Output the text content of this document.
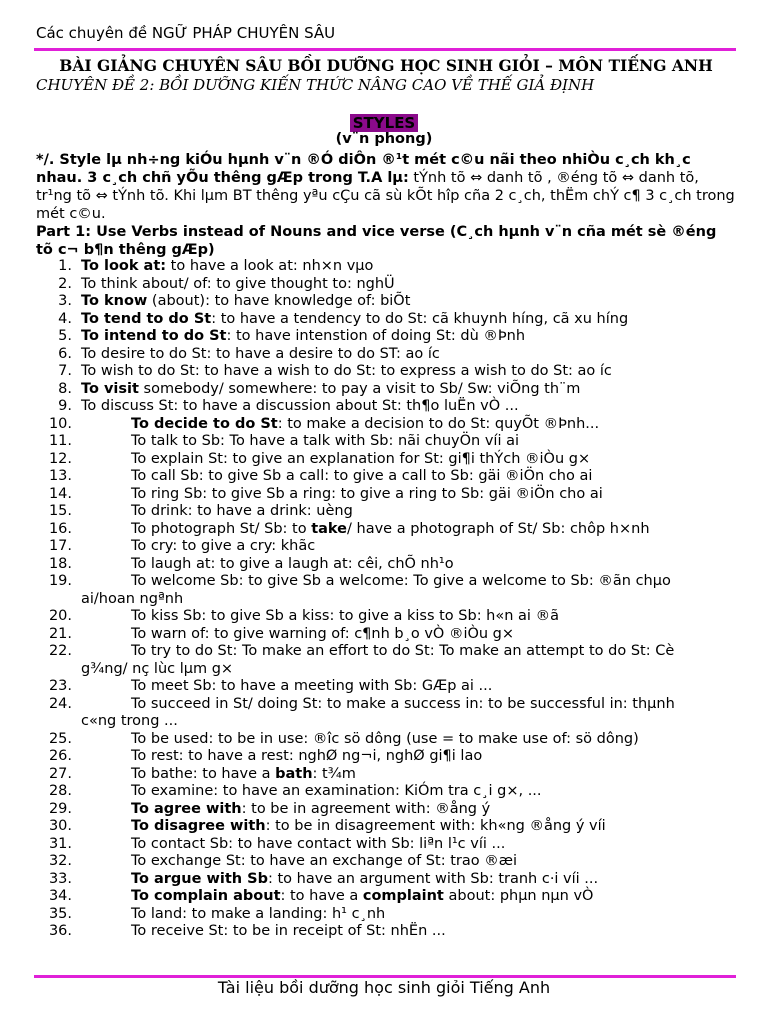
Các chuyên đề NGỮ PHÁP CHUYÊN SÂU
BÀI GIẢNG CHUYÊN SÂU BỒI DƯỠNG HỌC SINH GIỎI – MÔN TIẾNG ANH
CHUYÊN ĐỀ 2: BỒI DƯỠNG KIẾN THỨC NÂNG CAO VỀ THẾ GIẢ ĐỊNH
STYLES
(v¨n phong)
*/. Style lµ nh÷ng kiÓu hµnh v¨n ®Ó diÔn ®¹t mét c©u nãi theo nhiÒu c¸ch kh¸c nhau. 3 c¸ch chñ yÕu thêng gÆp trong T.A lµ: tÝnh tõ ⇔ danh tõ , ®éng tõ ⇔ danh tõ, tr¹ng tõ ⇔ tÝnh tõ. Khi lµm BT thêng yªu cÇu cã sù kÕt hîp cña 2 c¸ch, thËm chÝ c¶ 3 c¸ch trong mét c©u.
Part 1: Use Verbs instead of Nouns and vice verse (C¸ch hµnh v¨n cña mét sè ®éng tõ c¬ b¶n thêng gÆp)
1. To look at: to have a look at: nh×n vµo
2. To think about/ of: to give thought to: nghÜ
3. To know (about): to have knowledge of: biÕt
4. To tend to do St: to have a tendency to do St: cã khuynh híng, cã xu híng
5. To intend to do St: to have intenstion of doing St: dù ®Þnh
6. To desire to do St: to have a desire to do ST: ao íc
7. To wish to do St: to have a wish to do St: to express a wish to do St: ao íc
8. To visit somebody/ somewhere: to pay a visit to Sb/ Sw: viÕng th¨m
9. To discuss St: to have a discussion about St: th¶o luËn vÒ ...
10.	To decide to do St: to make a decision to do St: quyÕt ®Þnh...
11.	To talk to Sb: To have a talk with Sb: nãi chuyÖn víi ai
12.	To explain St: to give an explanation for St: gi¶i thÝch ®iÒu g×
13.	To call Sb: to give Sb a call: to give a call to Sb: gäi ®iÖn cho ai
14.	To ring Sb: to give Sb a ring: to give a ring to Sb: gäi ®iÖn cho ai
15.	To drink: to have a drink: uèng
16.	To photograph St/ Sb: to take/ have a photograph of St/ Sb: chôp h×nh
17.	To cry: to give a cry: khãc
18.	To laugh at: to give a laugh at: cêi, chÕ nh¹o
19.	To welcome Sb: to give Sb a welcome: To give a welcome to Sb: ®ãn chµo
ai/hoan ngªnh
20.	To kiss Sb: to give Sb a kiss: to give a kiss to Sb: h«n ai ®ã
21.	To warn of: to give warning of: c¶nh b¸o vÒ ®iÒu g×
22.	To try to do St: To make an effort to do St: To make an attempt to do St: Cè
g¾ng/ nç lùc lµm g×
23.	To meet Sb: to have a meeting with Sb: GÆp ai ...
24.	To succeed in St/ doing St: to make a success in: to be successful in: thµnh
c«ng trong ...
25.	To be used: to be in use: ®îc sö dông (use = to make use of: sö dông)
26.	To rest: to have a rest: nghØ ng¬i, nghØ gi¶i lao
27.	To bathe: to have a bath: t¾m
28.	To examine: to have an examination: KiÓm tra c¸i g×, ...
29.	To agree with: to be in agreement with: ®ång ý
30.	To disagree with: to be in disagreement with: kh«ng ®ång ý víi
31.	To contact Sb: to have contact with Sb: liªn l¹c víi ...
32.	To exchange St: to have an exchange of St: trao ®æi
33.	To argue with Sb: to have an argument with Sb: tranh c·i víi ...
34.	To complain about: to have a complaint about: phµn nµn vÒ
35.	To land: to make a landing: h¹ c¸nh
36.	To receive St: to be in receipt of St: nhËn ...
Tài liệu bồi dưỡng học sinh giỏi Tiếng Anh
